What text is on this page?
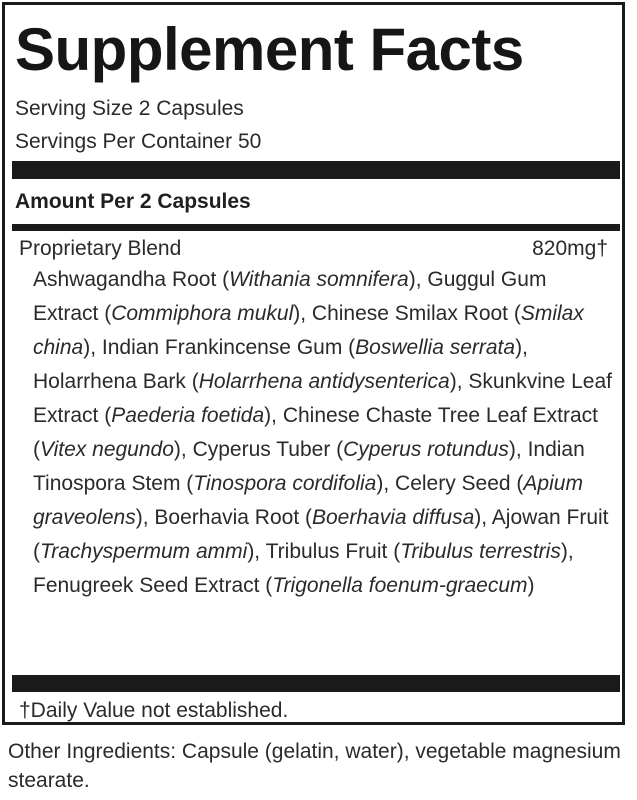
Supplement Facts
Serving Size 2 Capsules
Servings Per Container 50
Amount Per 2 Capsules
Proprietary Blend	820mg†
Ashwagandha Root (Withania somnifera), Guggul Gum Extract (Commiphora mukul), Chinese Smilax Root (Smilax china), Indian Frankincense Gum (Boswellia serrata), Holarrhena Bark (Holarrhena antidysenterica), Skunkvine Leaf Extract (Paederia foetida), Chinese Chaste Tree Leaf Extract (Vitex negundo), Cyperus Tuber (Cyperus rotundus), Indian Tinospora Stem (Tinospora cordifolia), Celery Seed (Apium graveolens), Boerhavia Root (Boerhavia diffusa), Ajowan Fruit (Trachyspermum ammi), Tribulus Fruit (Tribulus terrestris), Fenugreek Seed Extract (Trigonella foenum-graecum)
†Daily Value not established.
Other Ingredients: Capsule (gelatin, water), vegetable magnesium stearate.
